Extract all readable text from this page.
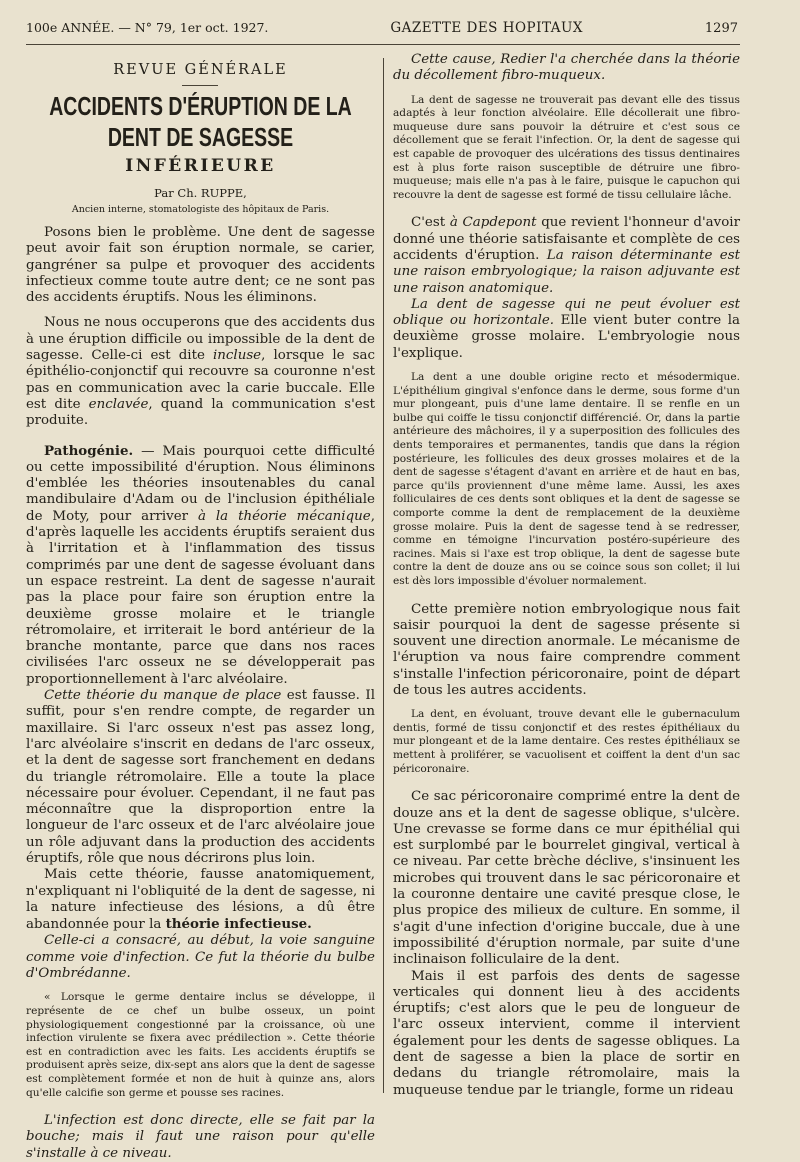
100e ANNÉE. — N° 79, 1er oct. 1927.	GAZETTE DES HOPITAUX	1297
REVUE GÉNÉRALE
ACCIDENTS D'ÉRUPTION DE LA DENT DE SAGESSE
INFÉRIEURE
Par Ch. RUPPE,
Ancien interne, stomatologiste des hôpitaux de Paris.

Posons bien le problème. Une dent de sagesse peut avoir fait son éruption normale, se carier, gangréner sa pulpe et provoquer des accidents infectieux comme toute autre dent; ce ne sont pas des accidents éruptifs. Nous les éliminons.

Nous ne nous occuperons que des accidents dus à une éruption difficile ou impossible de la dent de sagesse. Celle-ci est dite incluse, lorsque le sac épithélio-conjonctif qui recouvre sa couronne n'est pas en communication avec la carie buccale. Elle est dite enclavée, quand la communication s'est produite.

Pathogénie. — Mais pourquoi cette difficulté ou cette impossibilité d'éruption. Nous éliminons d'emblée les théories insoutenables du canal mandibulaire d'Adam ou de l'inclusion épithéliale de Moty, pour arriver à la théorie mécanique, d'après laquelle les accidents éruptifs seraient dus à l'irritation et à l'inflammation des tissus comprimés par une dent de sagesse évoluant dans un espace restreint. La dent de sagesse n'aurait pas la place pour faire son éruption entre la deuxième grosse molaire et le triangle rétromolaire, et irriterait le bord antérieur de la branche montante, parce que dans nos races civilisées l'arc osseux ne se développerait pas proportionnellement à l'arc alvéolaire.

Cette théorie du manque de place est fausse. Il suffit, pour s'en rendre compte, de regarder un maxillaire. Si l'arc osseux n'est pas assez long, l'arc alvéolaire s'inscrit en dedans de l'arc osseux, et la dent de sagesse sort franchement en dedans du triangle rétromolaire. Elle a toute la place nécessaire pour évoluer. Cependant, il ne faut pas méconnaître que la disproportion entre la longueur de l'arc osseux et de l'arc alvéolaire joue un rôle adjuvant dans la production des accidents éruptifs, rôle que nous décrirons plus loin.

Mais cette théorie, fausse anatomiquement, n'expliquant ni l'obliquité de la dent de sagesse, ni la nature infectieuse des lésions, a dû être abandonnée pour la théorie infectieuse.

Celle-ci a consacré, au début, la voie sanguine comme voie d'infection. Ce fut la théorie du bulbe d'Ombrédanne.

« Lorsque le germe dentaire inclus se développe, il représente de ce chef un bulbe osseux, un point physiologiquement congestionné par la croissance, où une infection virulente se fixera avec prédilection ». Cette théorie est en contradiction avec les faits. Les accidents éruptifs se produisent après seize, dix-sept ans alors que la dent de sagesse est complètement formée et non de huit à quinze ans, alors qu'elle calcifie son germe et pousse ses racines.

L'infection est donc directe, elle se fait par la bouche; mais il faut une raison pour qu'elle s'installe à ce niveau.

Cette cause, Redier l'a cherchée dans la théorie du décollement fibro-muqueux.

La dent de sagesse ne trouverait pas devant elle des tissus adaptés à leur fonction alvéolaire. Elle décollerait une fibro-muqueuse dure sans pouvoir la détruire et c'est sous ce décollement que se ferait l'infection. Or, la dent de sagesse qui est capable de provoquer des ulcérations des tissus dentinaires est à plus forte raison susceptible de détruire une fibro-muqueuse; mais elle n'a pas à le faire, puisque le capuchon qui recouvre la dent de sagesse est formé de tissu cellulaire lâche.

C'est à Capdepont que revient l'honneur d'avoir donné une théorie satisfaisante et complète de ces accidents d'éruption. La raison déterminante est une raison embryologique; la raison adjuvante est une raison anatomique.

La dent de sagesse qui ne peut évoluer est oblique ou horizontale. Elle vient buter contre la deuxième grosse molaire. L'embryologie nous l'explique.

La dent a une double origine recto et mésodermique. L'épithélium gingival s'enfonce dans le derme, sous forme d'un mur plongeant, puis d'une lame dentaire. Il se renfle en un bulbe qui coiffe le tissu conjonctif différencié. Or, dans la partie antérieure des mâchoires, il y a superposition des follicules des dents temporaires et permanentes, tandis que dans la région postérieure, les follicules des deux grosses molaires et de la dent de sagesse s'étagent d'avant en arrière et de haut en bas, parce qu'ils proviennent d'une même lame. Aussi, les axes folliculaires de ces dents sont obliques et la dent de sagesse se comporte comme la dent de remplacement de la deuxième grosse molaire. Puis la dent de sagesse tend à se redresser, comme en témoigne l'incurvation postéro-supérieure des racines. Mais si l'axe est trop oblique, la dent de sagesse bute contre la dent de douze ans ou se coince sous son collet; il lui est dès lors impossible d'évoluer normalement.

Cette première notion embryologique nous fait saisir pourquoi la dent de sagesse présente si souvent une direction anormale. Le mécanisme de l'éruption va nous faire comprendre comment s'installe l'infection péricoronaire, point de départ de tous les autres accidents.

La dent, en évoluant, trouve devant elle le gubernaculum dentis, formé de tissu conjonctif et des restes épithéliaux du mur plongeant et de la lame dentaire. Ces restes épithéliaux se mettent à proliférer, se vacuolisent et coiffent la dent d'un sac péricoronaire.

Ce sac péricoronaire comprimé entre la dent de douze ans et la dent de sagesse oblique, s'ulcère. Une crevasse se forme dans ce mur épithélial qui est surplombé par le bourrelet gingival, vertical à ce niveau. Par cette brèche déclive, s'insinuent les microbes qui trouvent dans le sac péricoronaire et la couronne dentaire une cavité presque close, le plus propice des milieux de culture. En somme, il s'agit d'une infection d'origine buccale, due à une impossibilité d'éruption normale, par suite d'une inclinaison folliculaire de la dent.

Mais il est parfois des dents de sagesse verticales qui donnent lieu à des accidents éruptifs; c'est alors que le peu de longueur de l'arc osseux intervient, comme il intervient également pour les dents de sagesse obliques. La dent de sagesse a bien la place de sortir en dedans du triangle rétromolaire, mais la muqueuse tendue par le triangle, forme un rideau
